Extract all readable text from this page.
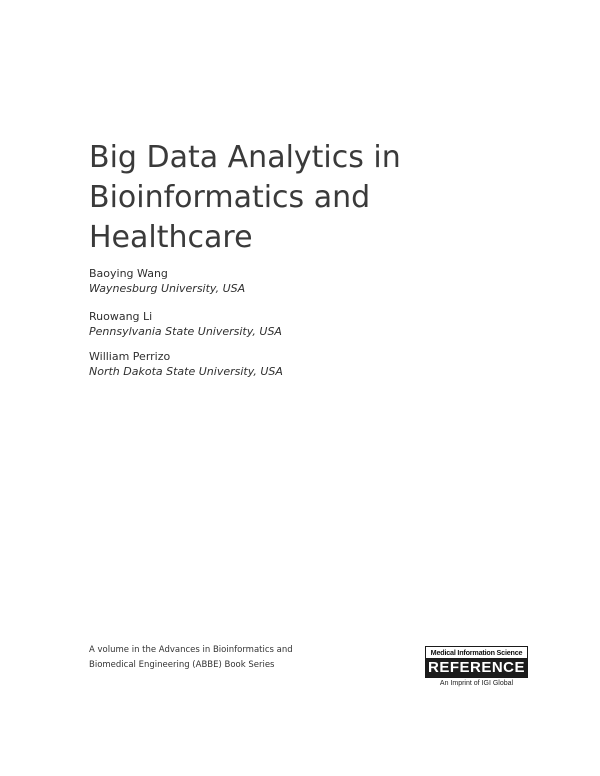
Big Data Analytics in
Bioinformatics and
Healthcare
Baoying Wang
Waynesburg University, USA
Ruowang Li
Pennsylvania State University, USA
William Perrizo
North Dakota State University, USA
A volume in the Advances in Bioinformatics and
Biomedical Engineering (ABBE) Book Series
Medical Information Science
REFERENCE
An Imprint of IGI Global
